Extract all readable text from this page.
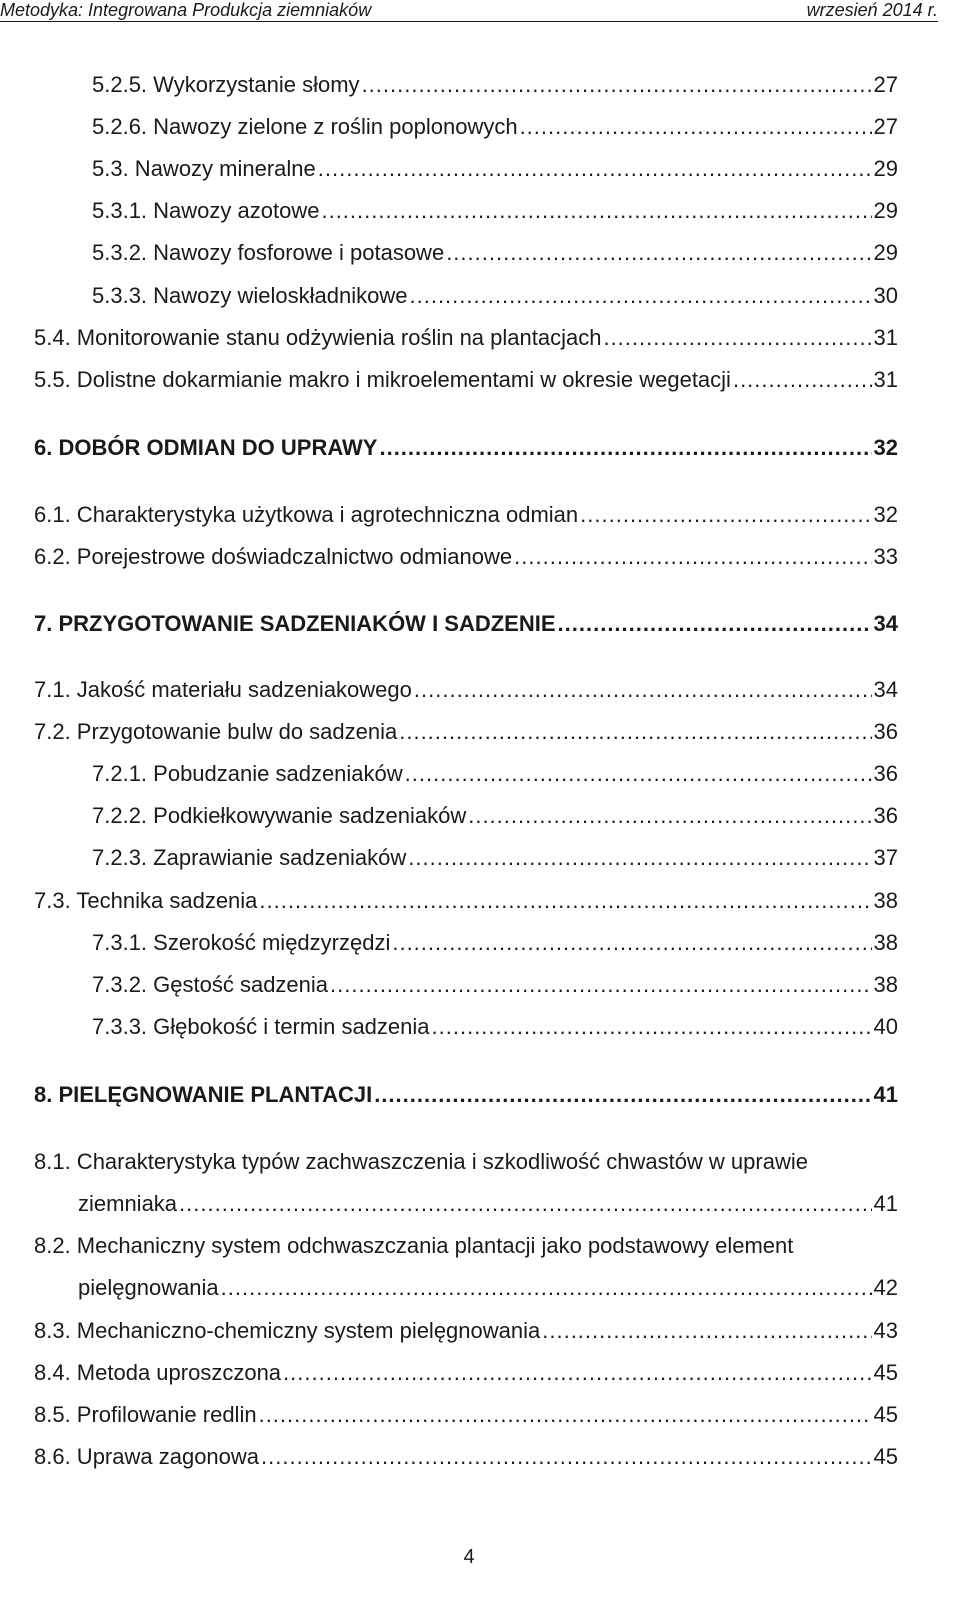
Metodyka: Integrowana Produkcja ziemniaków	wrzesień 2014 r.
5.2.5. Wykorzystanie słomy .....	27
5.2.6. Nawozy zielone z roślin poplonowych .....	27
5.3. Nawozy mineralne .....	29
5.3.1. Nawozy azotowe .....	29
5.3.2. Nawozy fosforowe i potasowe .....	29
5.3.3. Nawozy wieloskładnikowe .....	30
5.4. Monitorowanie stanu odżywienia roślin na plantacjach .....	31
5.5. Dolistne dokarmianie makro i mikroelementami w okresie wegetacji .....	31
6. DOBÓR ODMIAN DO UPRAWY .....	32
6.1. Charakterystyka użytkowa i agrotechniczna odmian .....	32
6.2. Porejestrowe doświadczalnictwo odmianowe .....	33
7. PRZYGOTOWANIE SADZENIAKÓW I SADZENIE .....	34
7.1. Jakość materiału sadzeniakowego .....	34
7.2. Przygotowanie bulw do sadzenia .....	36
7.2.1. Pobudzanie sadzeniaków .....	36
7.2.2. Podkiełkowywanie sadzeniaków .....	36
7.2.3. Zaprawianie sadzeniaków .....	37
7.3. Technika sadzenia .....	38
7.3.1. Szerokość międzyrzędzi .....	38
7.3.2. Gęstość sadzenia .....	38
7.3.3. Głębokość i termin sadzenia .....	40
8. PIELĘGNOWANIE PLANTACJI .....	41
8.1. Charakterystyka typów zachwaszczenia i szkodliwość chwastów w uprawie
ziemniaka .....	41
8.2. Mechaniczny system odchwaszczania plantacji jako podstawowy element
pielęgnowania .....	42
8.3. Mechaniczno-chemiczny system pielęgnowania .....	43
8.4. Metoda uproszczona .....	45
8.5. Profilowanie redlin .....	45
8.6. Uprawa zagonowa .....	45
4
